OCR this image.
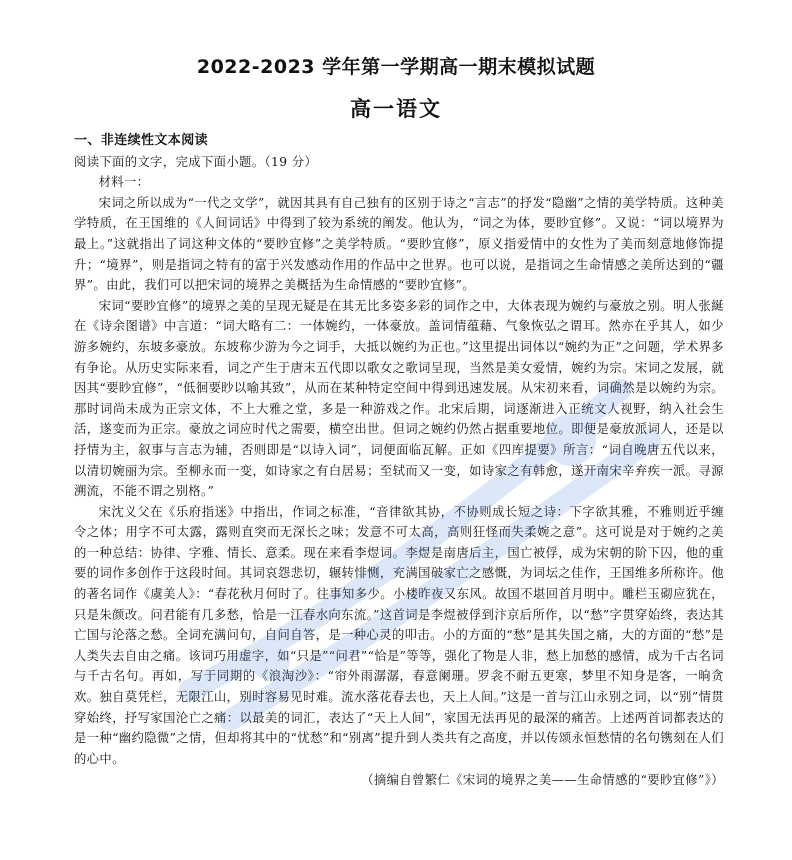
2022-2023 学年第一学期高一期末模拟试题
高一语文

一、非连续性文本阅读

阅读下面的文字，完成下面小题。（19 分）

材料一：

宋词之所以成为“一代之文学”，就因其具有自己独有的区别于诗之“言志”的抒发“隐幽”之情的美学特质。这种美学特质，在王国维的《人间词话》中得到了较为系统的阐发。他认为，“词之为体，要眇宜修”。又说：“词以境界为最上。”这就指出了词这种文体的“要眇宜修”之美学特质。“要眇宜修”，原义指爱情中的女性为了美而刻意地修饰提升；“境界”，则是指词之特有的富于兴发感动作用的作品中之世界。也可以说，是指词之生命情感之美所达到的“疆界”。由此，我们可以把宋词的境界之美概括为生命情感的“要眇宜修”。

宋词“要眇宜修”的境界之美的呈现无疑是在其无比多姿多彩的词作之中，大体表现为婉约与豪放之别。明人张綖在《诗余图谱》中言道：“词大略有二：一体婉约，一体豪放。盖词情蕴藉、气象恢弘之谓耳。然亦在乎其人，如少游多婉约，东坡多豪放。东坡称少游为今之词手，大抵以婉约为正也。”这里提出词体以“婉约为正”之问题，学术界多有争论。从历史实际来看，词之产生于唐末五代即以歌女之歌词呈现，当然是美女爱情，婉约为宗。宋词之发展，就因其“要眇宜修”，“低徊要眇以喻其致”，从而在某种特定空间中得到迅速发展。从宋初来看，词确然是以婉约为宗。那时词尚未成为正宗文体，不上大雅之堂，多是一种游戏之作。北宋后期，词逐渐进入正统文人视野，纳入社会生活，遂变而为正宗。豪放之词应时代之需要，横空出世。但词之婉约仍然占据重要地位。即便是豪放派词人，还是以抒情为主，叙事与言志为辅，否则即是“以诗入词”，词便面临瓦解。正如《四库提要》所言：“词自晚唐五代以来，以清切婉丽为宗。至柳永而一变，如诗家之有白居易；至轼而又一变，如诗家之有韩愈，遂开南宋辛弃疾一派。寻源溯流，不能不谓之别格。”

宋沈义父在《乐府指迷》中指出，作词之标准，“音律欲其协，不协则成长短之诗：下字欲其雅，不雅则近乎缠令之体；用字不可太露，露则直突而无深长之味；发意不可太高，高则狂怪而失柔婉之意”。这可说是对于婉约之美的一种总结：协律、字雅、情长、意柔。现在来看李煜词。李煜是南唐后主，国亡被俘，成为宋朝的阶下囚，他的重要的词作多创作于这段时间。其词哀怨悲切，辗转悱恻，充满国破家亡之感慨，为词坛之佳作，王国维多所称许。他的著名词作《虞美人》：“春花秋月何时了。往事知多少。小楼昨夜又东风。故国不堪回首月明中。雕栏玉砌应犹在，只是朱颜改。问君能有几多愁，恰是一江春水向东流。”这首词是李煜被俘到汴京后所作，以“愁”字贯穿始终，表达其亡国与沦落之愁。全词充满问句，自问自答，是一种心灵的叩击。小的方面的“愁”是其失国之痛，大的方面的“愁”是人类失去自由之痛。该词巧用虚字，如“只是”“问君”“恰是”等等，强化了物是人非，愁上加愁的感情，成为千古名词与千古名句。再如，写于同期的《浪淘沙》：“帘外雨潺潺，春意阑珊。罗衾不耐五更寒，梦里不知身是客，一晌贪欢。独自莫凭栏，无限江山，别时容易见时难。流水落花春去也，天上人间。”这是一首与江山永别之词，以“别”情贯穿始终，抒写家国沦亡之痛：以最美的词汇，表达了“天上人间”，家国无法再见的最深的痛苦。上述两首词都表达的是一种“幽约隐微”之情，但却将其中的“忧愁”和“别离”提升到人类共有之高度，并以传颂永恒愁情的名句镌刻在人们的心中。

（摘编自曾繁仁《宋词的境界之美——生命情感的“要眇宜修”》）
